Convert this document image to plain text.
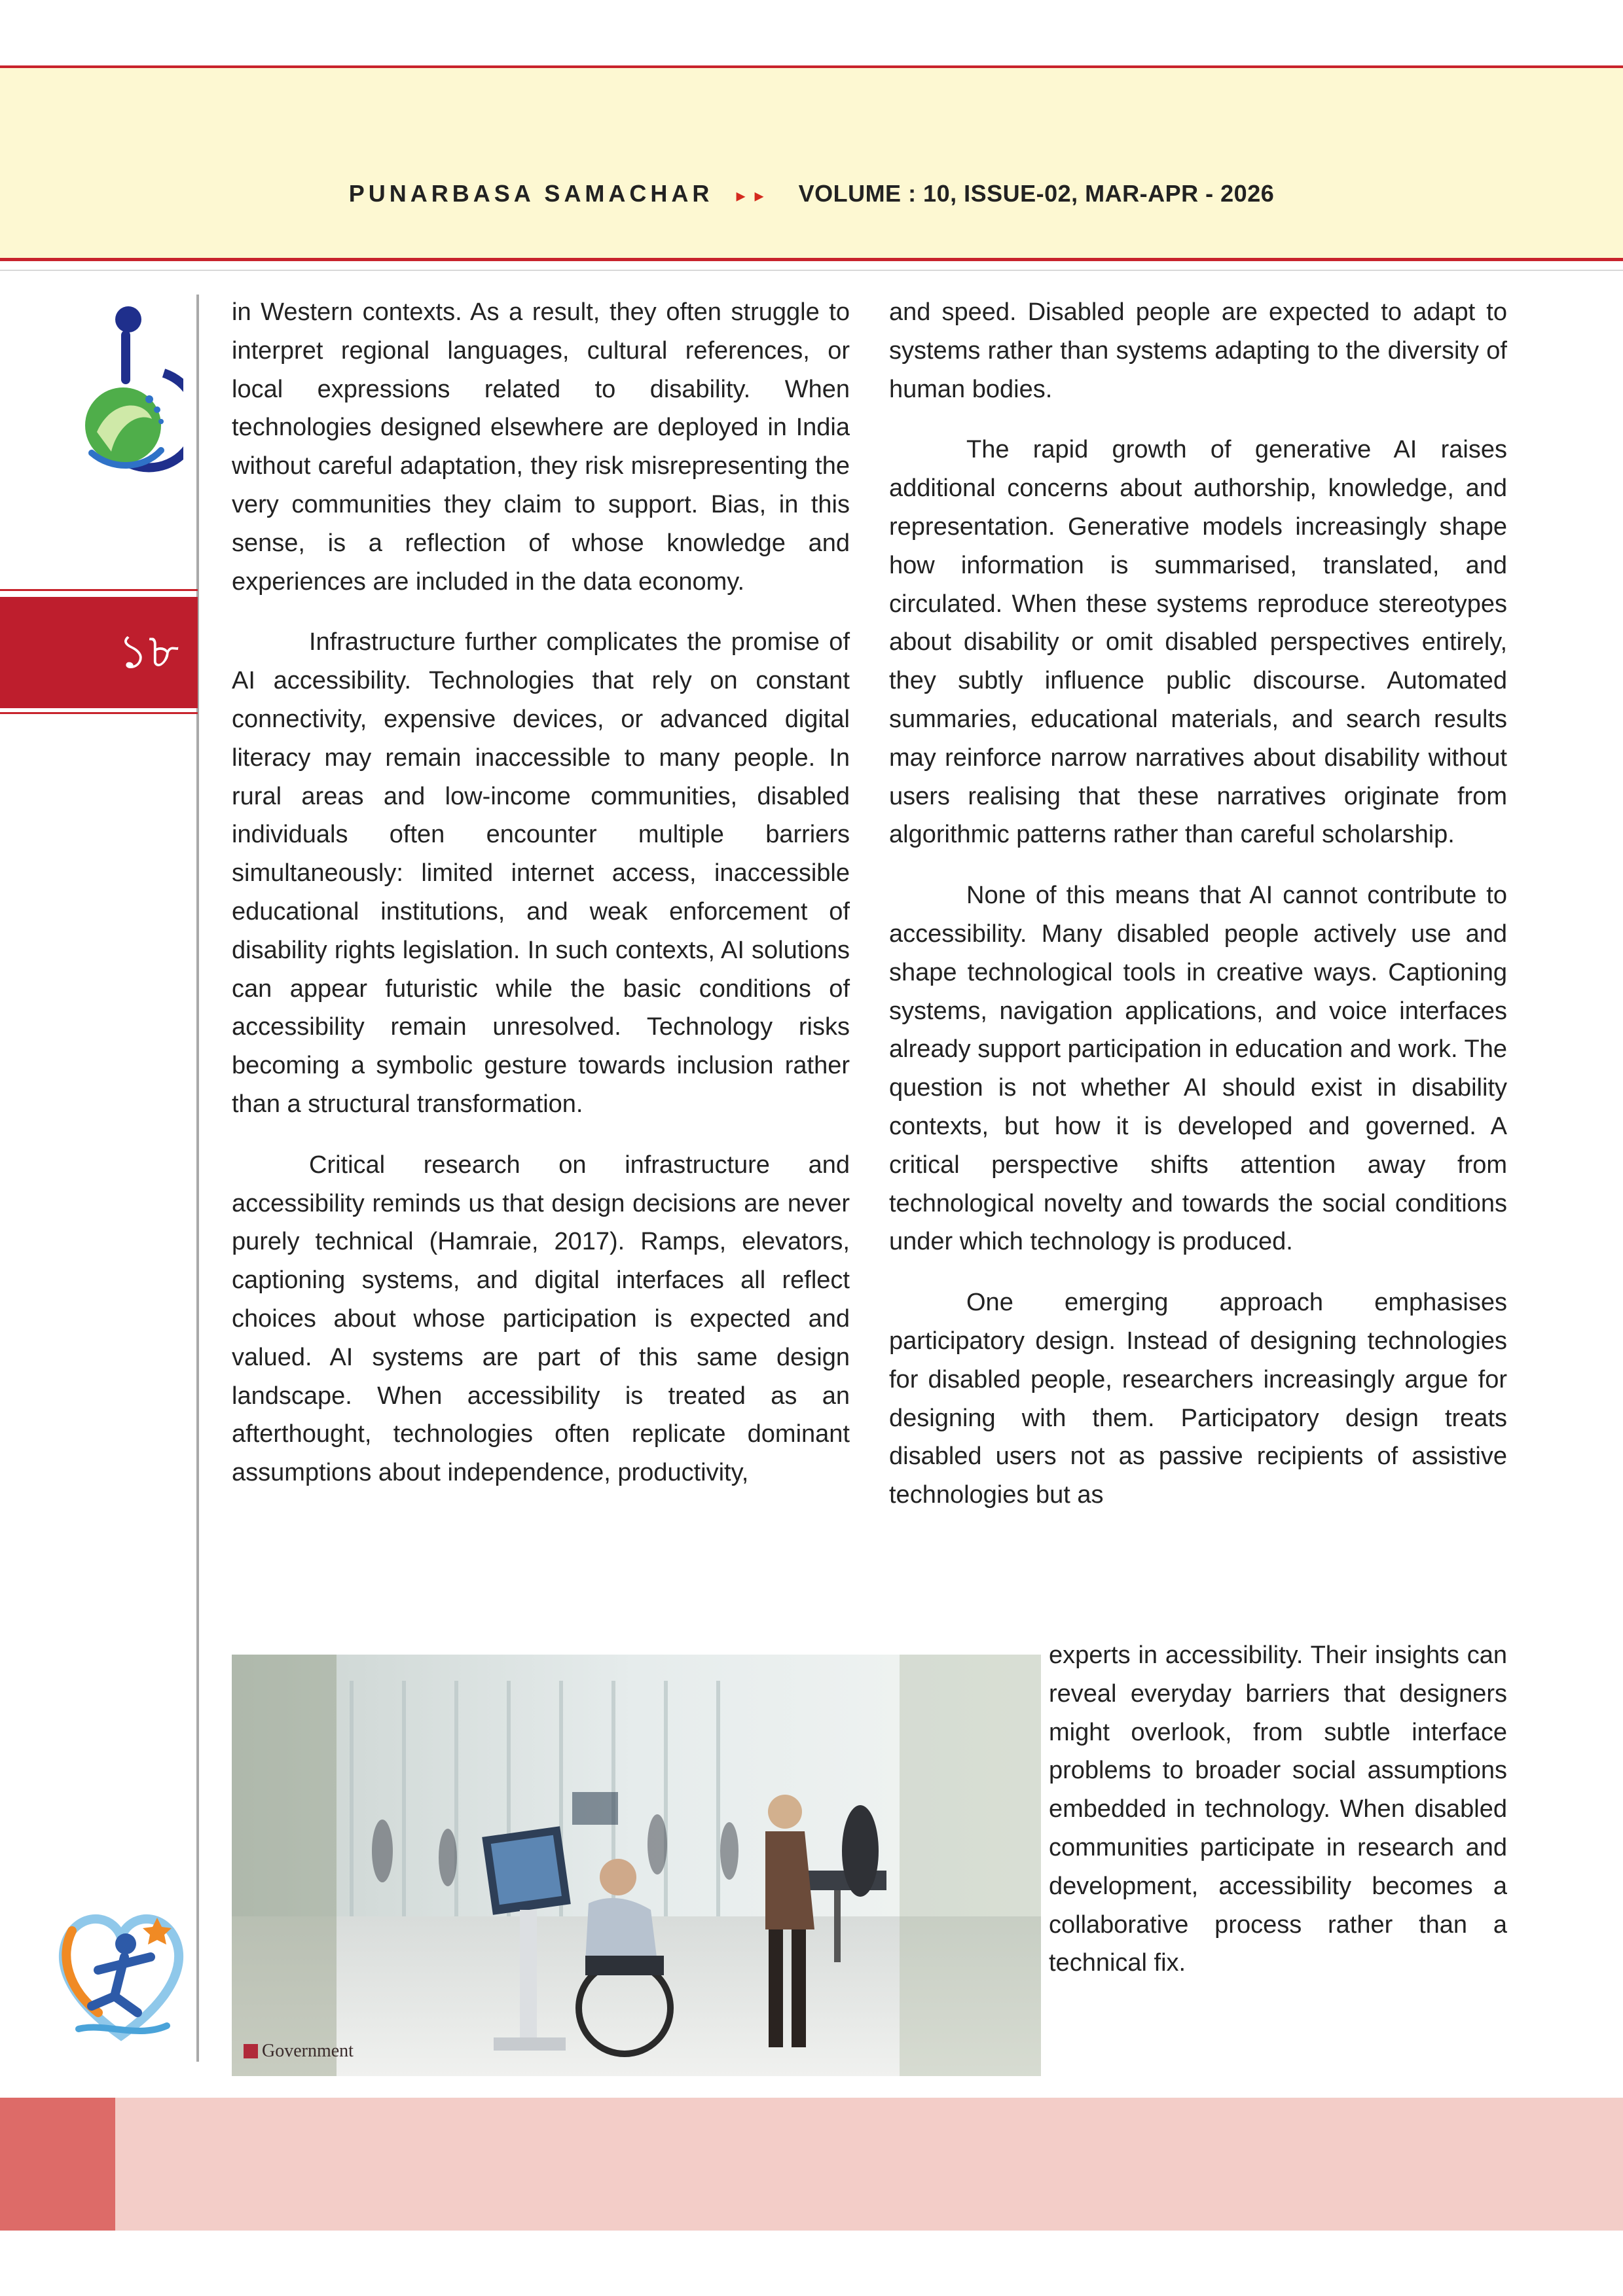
PUNARBASA SAMACHAR ▸▸ VOLUME : 10, ISSUE-02, MAR-APR - 2026
১৮

in Western contexts. As a result, they often struggle to interpret regional languages, cultural references, or local expressions related to disability. When technologies designed elsewhere are deployed in India without careful adaptation, they risk misrepresenting the very communities they claim to support. Bias, in this sense, is a reflection of whose knowledge and experiences are included in the data economy.

Infrastructure further complicates the promise of AI accessibility. Technologies that rely on constant connectivity, expensive devices, or advanced digital literacy may remain inaccessible to many people. In rural areas and low-income communities, disabled individuals often encounter multiple barriers simultaneously: limited internet access, inaccessible educational institutions, and weak enforcement of disability rights legislation. In such contexts, AI solutions can appear futuristic while the basic conditions of accessibility remain unresolved. Technology risks becoming a symbolic gesture towards inclusion rather than a structural transformation.

Critical research on infrastructure and accessibility reminds us that design decisions are never purely technical (Hamraie, 2017). Ramps, elevators, captioning systems, and digital interfaces all reflect choices about whose participation is expected and valued. AI systems are part of this same design landscape. When accessibility is treated as an afterthought, technologies often replicate dominant assumptions about independence, productivity,

and speed. Disabled people are expected to adapt to systems rather than systems adapting to the diversity of human bodies.

The rapid growth of generative AI raises additional concerns about authorship, knowledge, and representation. Generative models increasingly shape how information is summarised, translated, and circulated. When these systems reproduce stereotypes about disability or omit disabled perspectives entirely, they subtly influence public discourse. Automated summaries, educational materials, and search results may reinforce narrow narratives about disability without users realising that these narratives originate from algorithmic patterns rather than careful scholarship.

None of this means that AI cannot contribute to accessibility. Many disabled people actively use and shape technological tools in creative ways. Captioning systems, navigation applications, and voice interfaces already support participation in education and work. The question is not whether AI should exist in disability contexts, but how it is developed and governed. A critical perspective shifts attention away from technological novelty and towards the social conditions under which technology is produced.

One emerging approach emphasises participatory design. Instead of designing technologies for disabled people, researchers increasingly argue for designing with them. Participatory design treats disabled users not as passive recipients of assistive technologies but as

experts in accessibility. Their insights can reveal everyday barriers that designers might overlook, from subtle interface problems to broader social assumptions embedded in technology. When disabled communities participate in research and development, accessibility becomes a collaborative process rather than a technical fix.

Government
